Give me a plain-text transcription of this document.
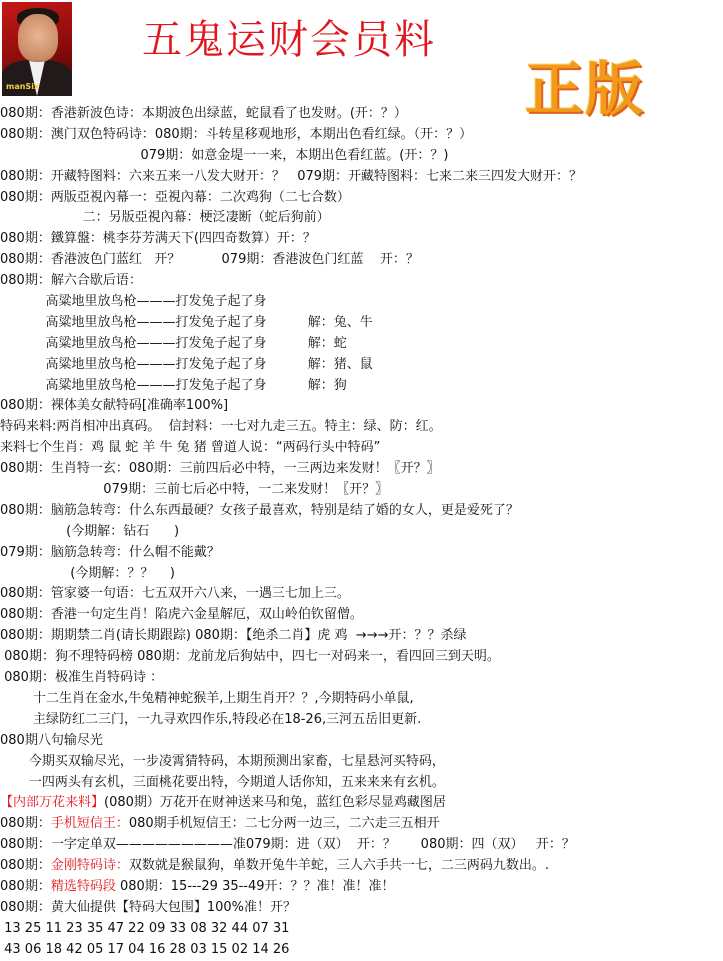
manSix
五鬼运财会员料
正版
080期：香港新波色诗：本期波色出绿蓝，蛇鼠看了也发财。(开：？）
080期：澳门双色特码诗：080期：斗转星移观地形，本期出色看红绿。（开：？）
079期：如意金堤一一来，本期出色看红蓝。(开：？)
080期：开藏特图料：六来五来一八发大财开：？   079期：开藏特图料：七来二来三四发大财开：？
080期：两版亞視內幕一：亞視內幕：二次鸡狗（二七合数）
二：另版亞視內幕：梗泛凄断（蛇后狗前）
080期：鐵算盤：桃李芬芳满天下(四四奇数算）开：？
080期：香港波色门蓝红   开？          079期：香港波色门红蓝    开：？
080期：解六合歇后语：
高粱地里放鸟枪———打发兔子起了身
高粱地里放鸟枪———打发兔子起了身          解：兔、牛
高粱地里放鸟枪———打发兔子起了身          解：蛇
高粱地里放鸟枪———打发兔子起了身          解：猪、鼠
高粱地里放鸟枪———打发兔子起了身          解：狗
080期：裸体美女献特码[准确率100%]
特码来料:两肖相冲出真码。  信封料：一七对九走三五。特主：绿、防：红。
来料七个生肖：鸡 鼠 蛇 羊 牛 兔 猪 曾道人说：“两码行头中特码”
080期：生肖特一玄：080期：三前四后必中特，一三两边来发财！〖开？〗
079期：三前七后必中特，一二来发财！〖开？〗
080期：脑筋急转弯：什么东西最硬？女孩子最喜欢，特别是结了婚的女人，更是爱死了？
(今期解：钻石      )
079期：脑筋急转弯：什么帽不能戴？
(今期解：？？    )
080期：管家婆一句语：七五双开六八来，一遇三七加上三。
080期：香港一句定生肖！陷虎六金星解厄，双山岭伯钦留僧。
080期：期期禁二肖(请长期跟踪) 080期：【绝杀二肖】虎 鸡  →→→开：？？杀绿
080期：狗不理特码榜 080期：龙前龙后狗姑中，四七一对码来一，看四回三到天明。
080期：极准生肖特码诗 ：
十二生肖在金水,牛兔精神蛇猴羊,上期生肖开？？,今期特码小单鼠,
主绿防红二三门，一九寻欢四作乐,特段必在18-26,三河五岳旧更新.
080期八句输尽光
今期买双输尽光，一步凌霄猜特码，本期预测出家畜，七星悬河买特码，
一四两头有玄机，三面桃花要出特，今期道人话你知，五来来来有玄机。
【内部万花来料】(080期）万花开在财神送来马和兔，蓝红色彩尽显鸡藏图居
080期：手机短信王：080期手机短信王：二七分两一边三，二六走三五相开
080期：一字定单双—————————准079期：进（双）  开：？      080期：四（双）   开：？
080期：金刚特码诗：双数就是猴鼠狗，单数开兔牛羊蛇，三人六手共一七，二三两码九数出。.
080期：精选特码段 080期：15---29 35--49开：？？准！准！准！
080期：黄大仙提供【特码大包围】100%准！开？
13 25 11 23 35 47 22 09 33 08 32 44 07 31
43 06 18 42 05 17 04 16 28 03 15 02 14 26
